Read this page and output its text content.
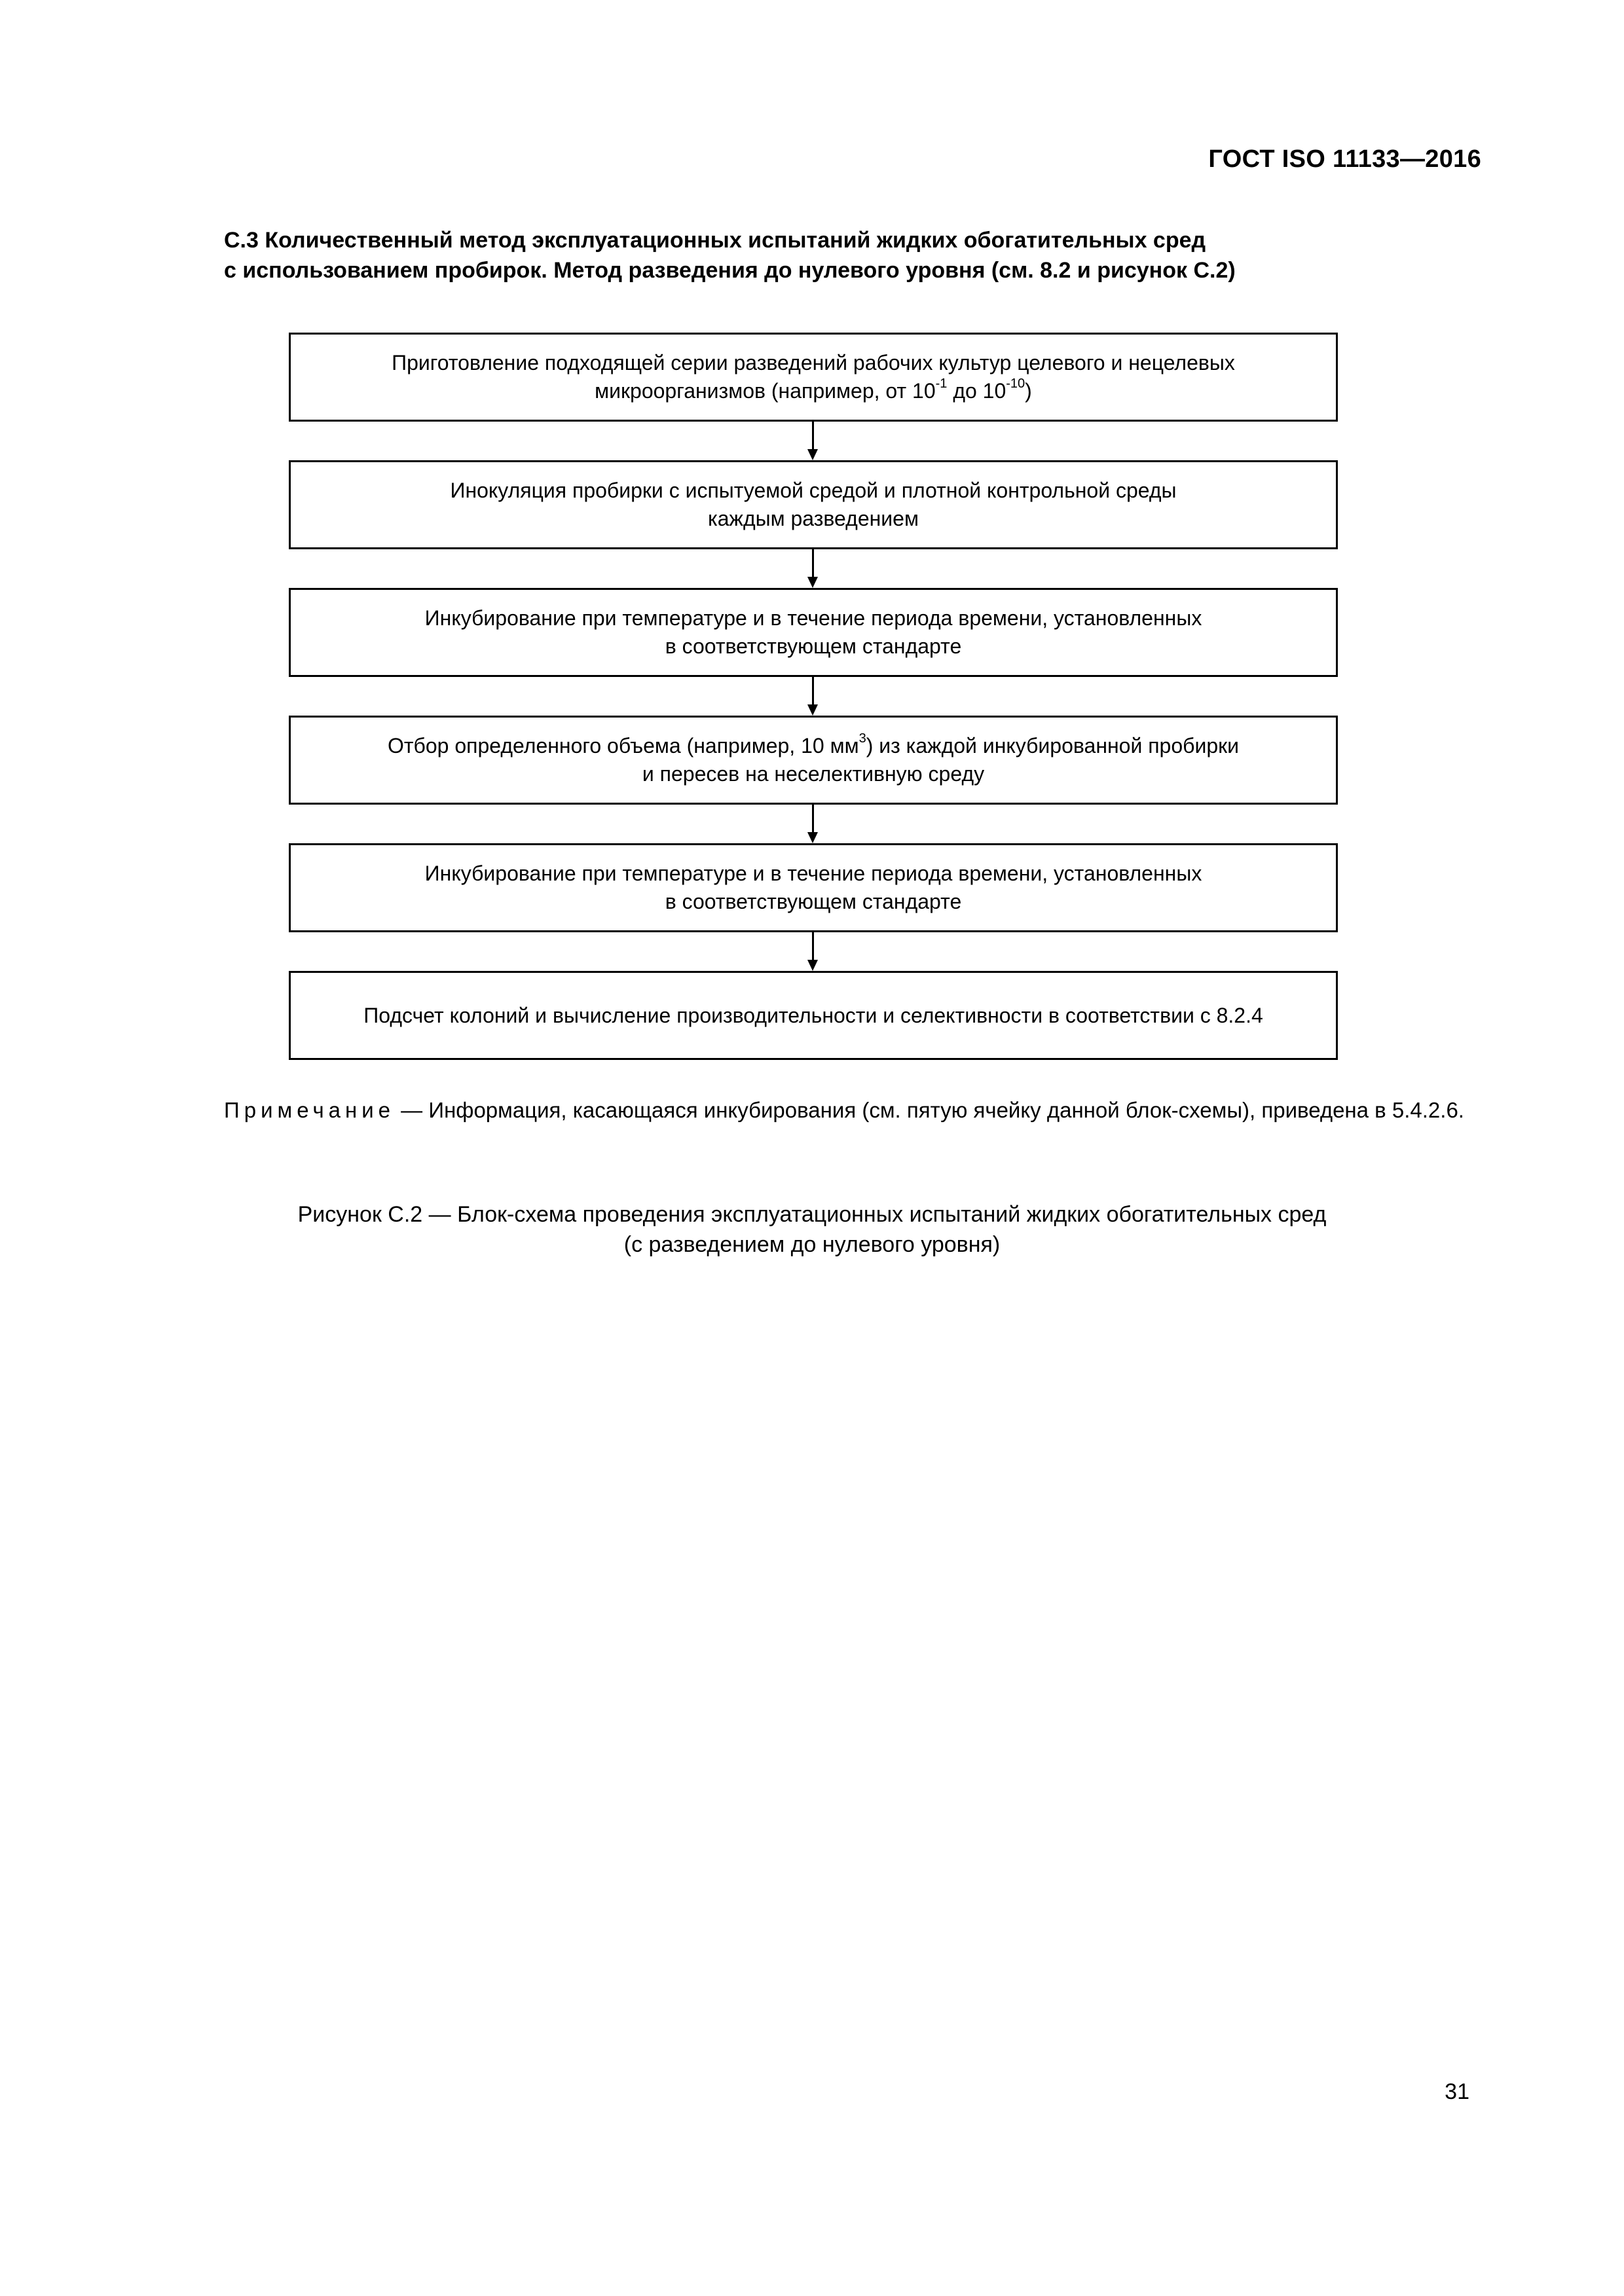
ГОСТ ISO 11133—2016
С.3 Количественный метод эксплуатационных испытаний жидких обогатительных сред
с использованием пробирок. Метод разведения до нулевого уровня (см. 8.2 и рисунок С.2)
Приготовление подходящей серии разведений рабочих культур целевого и нецелевых
микроорганизмов (например, от $10^{-1}$ до $10^{-10}$)
Инокуляция пробирки с испытуемой средой и плотной контрольной среды
каждым разведением
Инкубирование при температуре и в течение периода времени, установленных
в соответствующем стандарте
Отбор определенного объема (например, 10 $мм^3$) из каждой инкубированной пробирки
и пересев на неселективную среду
Инкубирование при температуре и в течение периода времени, установленных
в соответствующем стандарте
Подсчет колоний и вычисление производительности и селективности в соответствии с 8.2.4
Примечание — Информация, касающаяся инкубирования (см. пятую ячейку данной блок-схемы), приведена в 5.4.2.6.
Рисунок С.2 — Блок-схема проведения эксплуатационных испытаний жидких обогатительных сред
(с разведением до нулевого уровня)
31
